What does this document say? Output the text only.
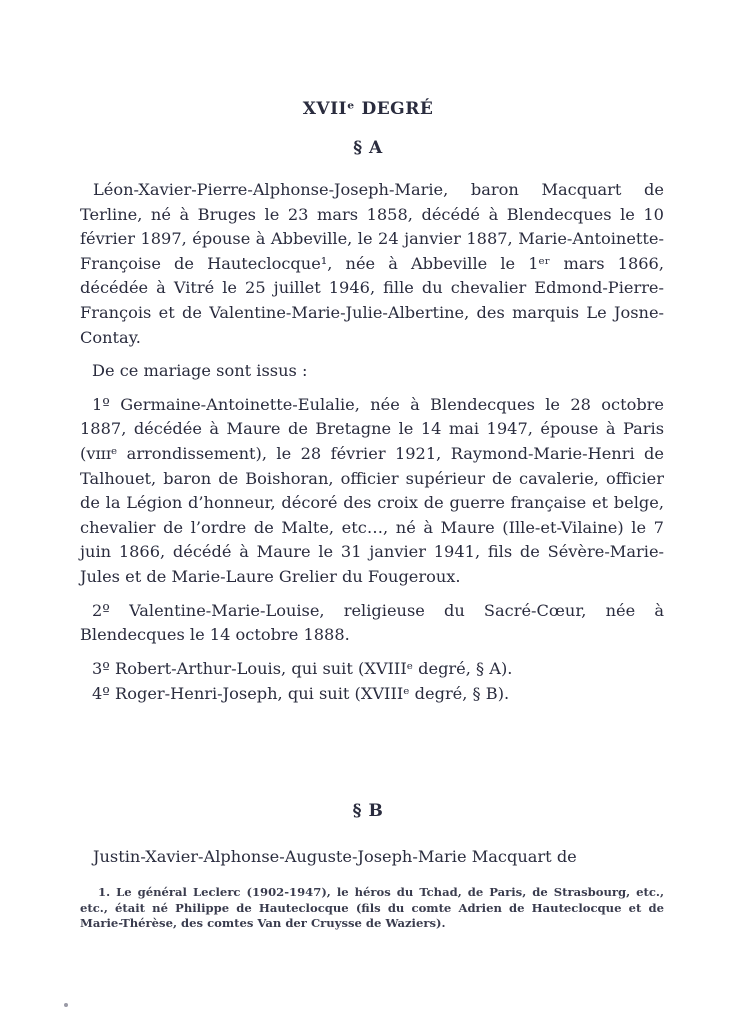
XVIIᵉ DEGRÉ
§ A

Léon-Xavier-Pierre-Alphonse-Joseph-Marie, baron Macquart de Terline, né à Bruges le 23 mars 1858, décédé à Blendecques le 10 février 1897, épouse à Abbeville, le 24 janvier 1887, Marie-Antoinette-Françoise de Hauteclocque¹, née à Abbeville le 1ᵉʳ mars 1866, décédée à Vitré le 25 juillet 1946, fille du chevalier Edmond-Pierre-François et de Valentine-Marie-Julie-Albertine, des marquis Le Josne-Contay.

De ce mariage sont issus :

1º Germaine-Antoinette-Eulalie, née à Blendecques le 28 octobre 1887, décédée à Maure de Bretagne le 14 mai 1947, épouse à Paris (ᴠɪɪɪᵉ arrondissement), le 28 février 1921, Raymond-Marie-Henri de Talhouet, baron de Boishoran, officier supérieur de cavalerie, officier de la Légion d’honneur, décoré des croix de guerre française et belge, chevalier de l’ordre de Malte, etc…, né à Maure (Ille-et-Vilaine) le 7 juin 1866, décédé à Maure le 31 janvier 1941, fils de Sévère-Marie-Jules et de Marie-Laure Grelier du Fougeroux.

2º Valentine-Marie-Louise, religieuse du Sacré-Cœur, née à Blendecques le 14 octobre 1888.

3º Robert-Arthur-Louis, qui suit (XVIIIᵉ degré, § A).

4º Roger-Henri-Joseph, qui suit (XVIIIᵉ degré, § B).

§ B

Justin-Xavier-Alphonse-Auguste-Joseph-Marie Macquart de

1. Le général Leclerc (1902-1947), le héros du Tchad, de Paris, de Strasbourg, etc., etc., était né Philippe de Hauteclocque (fils du comte Adrien de Hauteclocque et de Marie-Thérèse, des comtes Van der Cruysse de Waziers).
